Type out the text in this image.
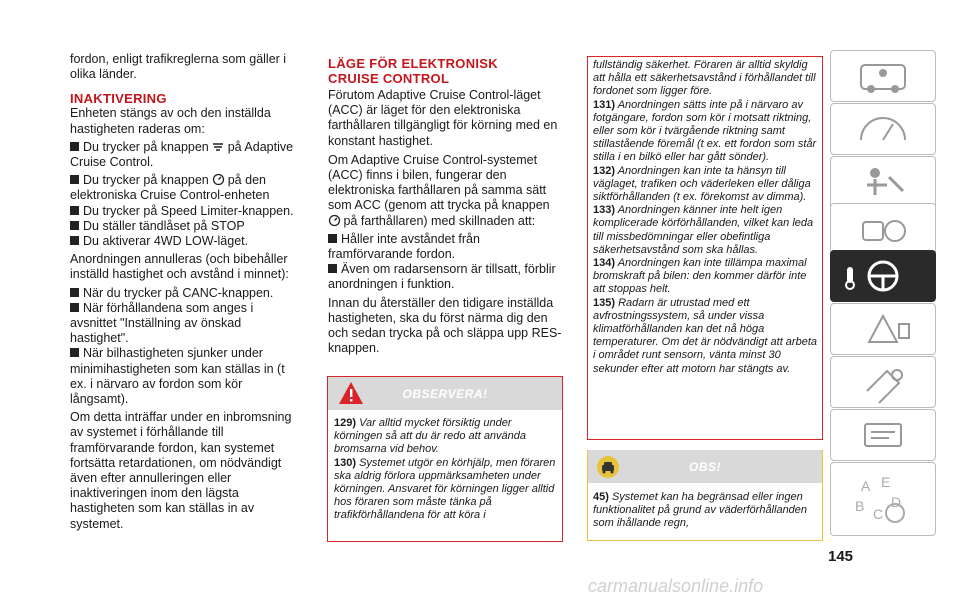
fordon, enligt trafikreglerna som gäller i olika länder.

INAKTIVERING

Enheten stängs av och den inställda hastigheten raderas om:

Du trycker på knappen på Adaptive Cruise Control.

Du trycker på knappen på den elektroniska Cruise Control-enheten

Du trycker på Speed Limiter-knappen.

Du ställer tändlåset på STOP

Du aktiverar 4WD LOW-läget.

Anordningen annulleras (och bibehåller inställd hastighet och avstånd i minnet):

När du trycker på CANC-knappen.

När förhållandena som anges i avsnittet "Inställning av önskad hastighet".

När bilhastigheten sjunker under minimihastigheten som kan ställas in (t ex. i närvaro av fordon som kör långsamt).

Om detta inträffar under en inbromsning av systemet i förhållande till framförvarande fordon, kan systemet fortsätta retardationen, om nödvändigt även efter annulleringen eller inaktiveringen inom den lägsta hastigheten som kan ställas in av systemet.

LÄGE FÖR ELEKTRONISK

CRUISE CONTROL

Förutom Adaptive Cruise Control-läget (ACC) är läget för den elektroniska farthållaren tillgängligt för körning med en konstant hastighet.

Om Adaptive Cruise Control-systemet (ACC) finns i bilen, fungerar den elektroniska farthållaren på samma sätt som ACC (genom att trycka på knappen  på farthållaren) med skillnaden att:

Håller inte avståndet från framförvarande fordon.

Även om radarsensorn är tillsatt, förblir anordningen i funktion.

Innan du återställer den tidigare inställda hastigheten, ska du först närma dig den och sedan trycka på och släppa upp RES-knappen.

OBSERVERA!

129) Var alltid mycket försiktig under körningen så att du är redo att använda bromsarna vid behov.

130) Systemet utgör en körhjälp, men föraren ska aldrig förlora uppmärksamheten under körningen. Ansvaret för körningen ligger alltid hos föraren som måste tänka på trafikförhållandena för att köra i

fullständig säkerhet. Föraren är alltid skyldig att hålla ett säkerhetsavstånd i förhållandet till fordonet som ligger före.

131) Anordningen sätts inte på i närvaro av fotgängare, fordon som kör i motsatt riktning, eller som kör i tvärgående riktning samt stillastående föremål (t ex. ett fordon som står stilla i en bilkö eller har gått sönder).

132) Anordningen kan inte ta hänsyn till väglaget, trafiken och väderleken eller dåliga siktförhållanden (t ex. förekomst av dimma).

133) Anordningen känner inte helt igen komplicerade körförhållanden, vilket kan leda till missbedömningar eller obefintliga säkerhetsavstånd som ska hållas.

134) Anordningen kan inte tillämpa maximal bromskraft på bilen: den kommer därför inte att stoppas helt.

135) Radarn är utrustad med ett avfrostningssystem, så under vissa klimatförhållanden kan det nå höga temperaturer. Om det är nödvändigt att arbeta i området runt sensorn, vänta minst 30 sekunder efter att motorn har stängts av.

OBS!

45) Systemet kan ha begränsad eller ingen funktionalitet på grund av väderförhållanden som ihållande regn,

A E
B C
D
145
carmanualsonline.info
